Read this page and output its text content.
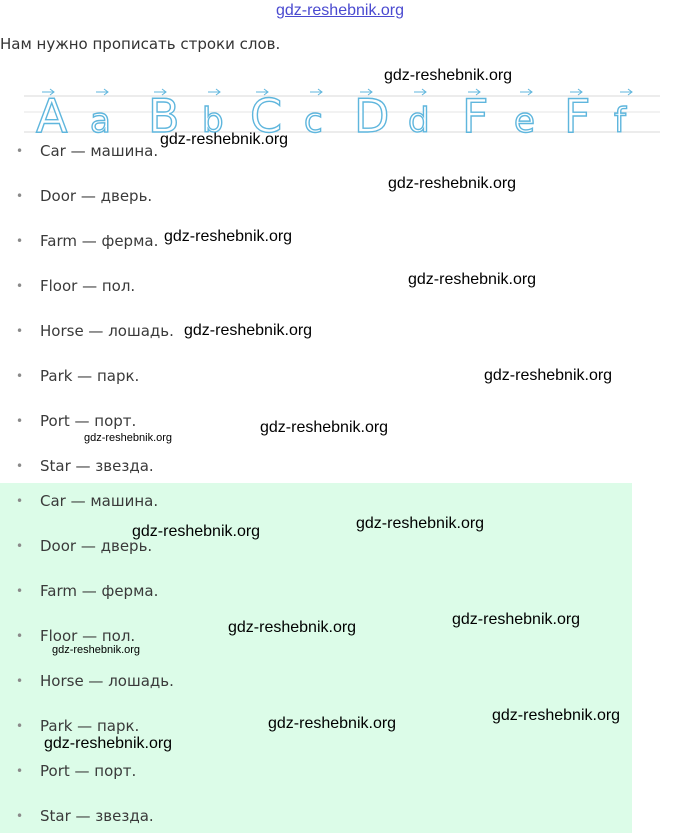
gdz-reshebnik.org
Нам нужно прописать строки слов.
A a B b C c D d F e F f
• Car — машина.
• Door — дверь.
• Farm — ферма.
• Floor — пол.
• Horse — лошадь.
• Park — парк.
• Port — порт.
• Star — звезда.
• Car — машина.
• Door — дверь.
• Farm — ферма.
• Floor — пол.
• Horse — лошадь.
• Park — парк.
• Port — порт.
• Star — звезда.
gdz-reshebnik.org
gdz-reshebnik.org
gdz-reshebnik.org
gdz-reshebnik.org
gdz-reshebnik.org
gdz-reshebnik.org
gdz-reshebnik.org
gdz-reshebnik.org
gdz-reshebnik.org
gdz-reshebnik.org
gdz-reshebnik.org
gdz-reshebnik.org
gdz-reshebnik.org
gdz-reshebnik.org
gdz-reshebnik.org
gdz-reshebnik.org
gdz-reshebnik.org
